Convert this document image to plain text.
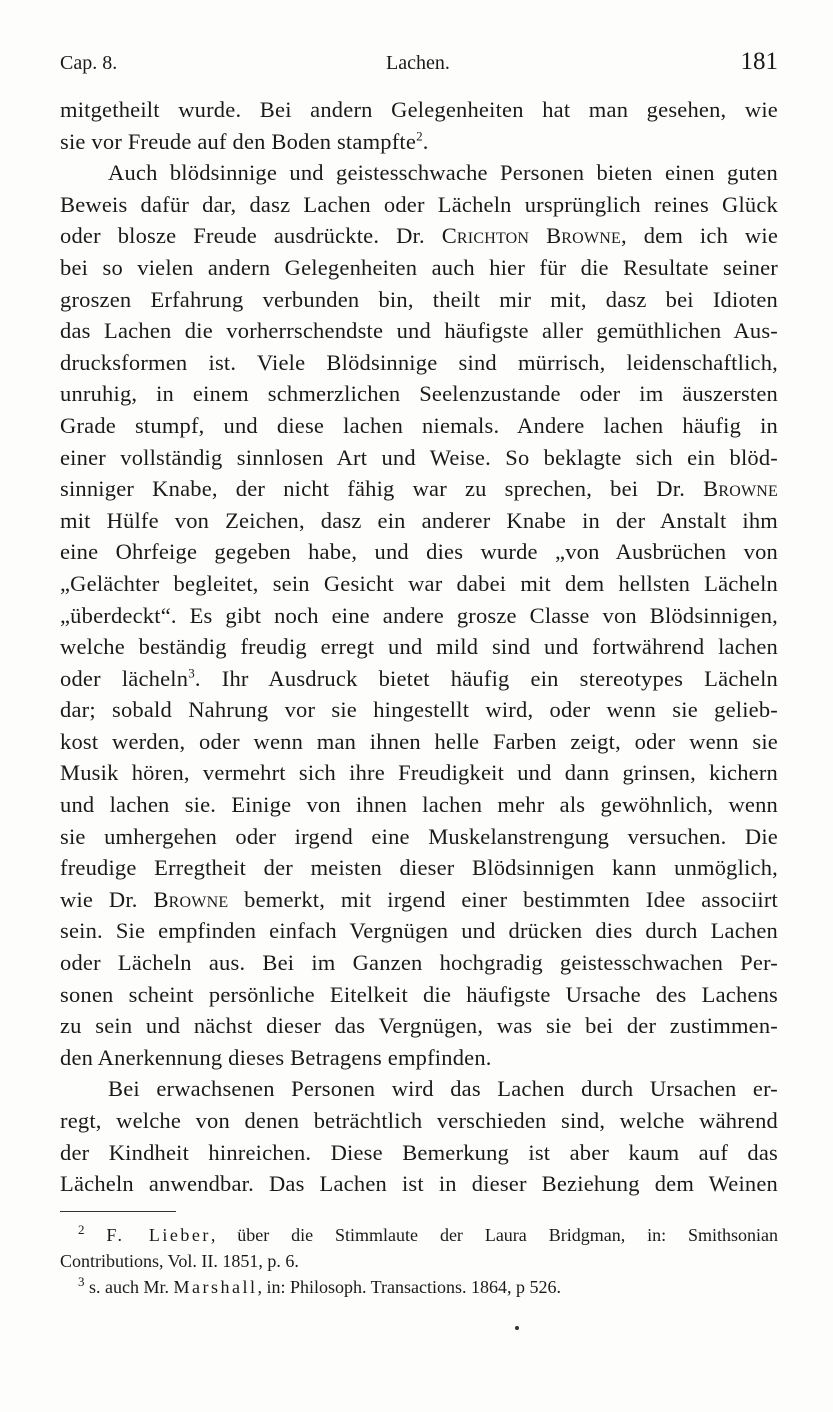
Cap. 8.	Lachen.	181
mitgetheilt wurde. Bei andern Gelegenheiten hat man gesehen, wie
sie vor Freude auf den Boden stampfte$^2$.
Auch blödsinnige und geistesschwache Personen bieten einen guten
Beweis dafür dar, dasz Lachen oder Lächeln ursprünglich reines Glück
oder blosze Freude ausdrückte. Dr. Crichton Browne, dem ich wie
bei so vielen andern Gelegenheiten auch hier für die Resultate seiner
groszen Erfahrung verbunden bin, theilt mir mit, dasz bei Idioten
das Lachen die vorherrschendste und häufigste aller gemüthlichen Aus-
drucksformen ist. Viele Blödsinnige sind mürrisch, leidenschaftlich,
unruhig, in einem schmerzlichen Seelenzustande oder im äuszersten
Grade stumpf, und diese lachen niemals. Andere lachen häufig in
einer vollständig sinnlosen Art und Weise. So beklagte sich ein blöd-
sinniger Knabe, der nicht fähig war zu sprechen, bei Dr. Browne
mit Hülfe von Zeichen, dasz ein anderer Knabe in der Anstalt ihm
eine Ohrfeige gegeben habe, und dies wurde „von Ausbrüchen von
„Gelächter begleitet, sein Gesicht war dabei mit dem hellsten Lächeln
„überdeckt“. Es gibt noch eine andere grosze Classe von Blödsinnigen,
welche beständig freudig erregt und mild sind und fortwährend lachen
oder lächeln$^3$. Ihr Ausdruck bietet häufig ein stereotypes Lächeln
dar; sobald Nahrung vor sie hingestellt wird, oder wenn sie gelieb-
kost werden, oder wenn man ihnen helle Farben zeigt, oder wenn sie
Musik hören, vermehrt sich ihre Freudigkeit und dann grinsen, kichern
und lachen sie. Einige von ihnen lachen mehr als gewöhnlich, wenn
sie umhergehen oder irgend eine Muskelanstrengung versuchen. Die
freudige Erregtheit der meisten dieser Blödsinnigen kann unmöglich,
wie Dr. Browne bemerkt, mit irgend einer bestimmten Idee associirt
sein. Sie empfinden einfach Vergnügen und drücken dies durch Lachen
oder Lächeln aus. Bei im Ganzen hochgradig geistesschwachen Per-
sonen scheint persönliche Eitelkeit die häufigste Ursache des Lachens
zu sein und nächst dieser das Vergnügen, was sie bei der zustimmen-
den Anerkennung dieses Betragens empfinden.
Bei erwachsenen Personen wird das Lachen durch Ursachen er-
regt, welche von denen beträchtlich verschieden sind, welche während
der Kindheit hinreichen. Diese Bemerkung ist aber kaum auf das
Lächeln anwendbar. Das Lachen ist in dieser Beziehung dem Weinen
$^2$ F. Lieber, über die Stimmlaute der Laura Bridgman, in: Smithsonian
Contributions, Vol. II. 1851, p. 6.
$^3$ s. auch Mr. Marshall, in: Philosoph. Transactions. 1864, p 526.
